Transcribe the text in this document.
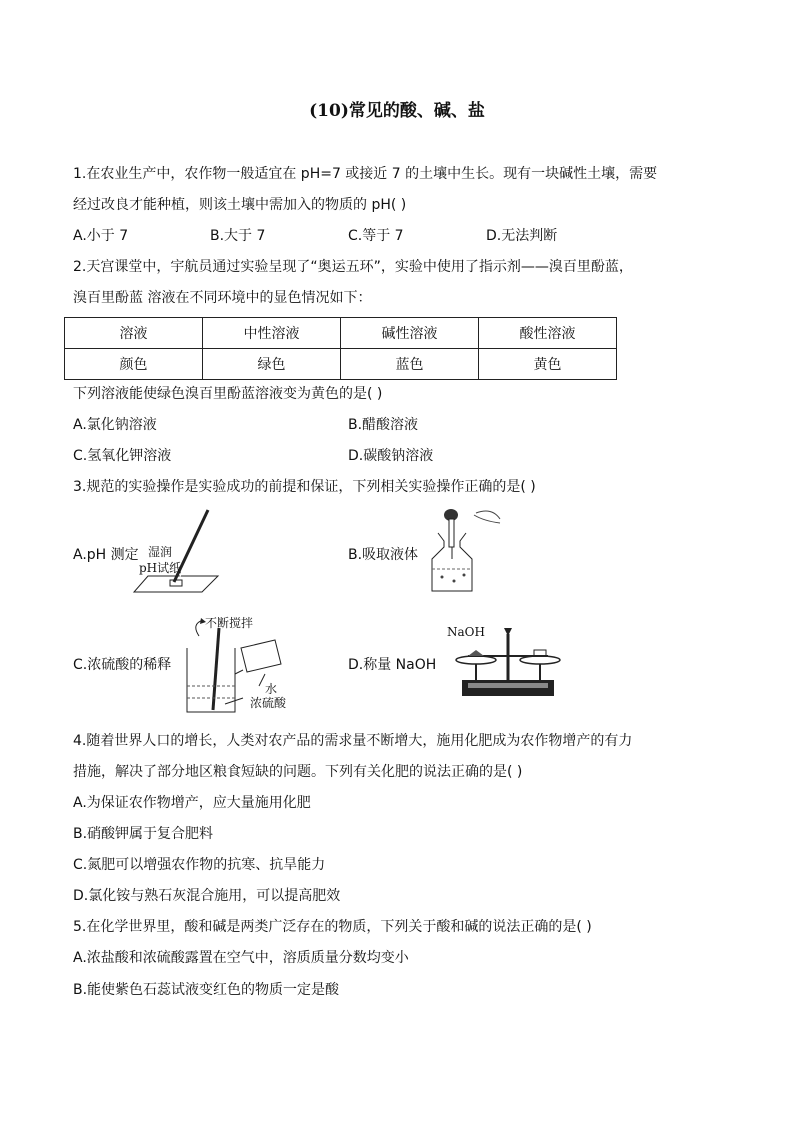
(10)常见的酸、碱、盐
1.在农业生产中，农作物一般适宜在 pH=7 或接近 7 的土壤中生长。现有一块碱性土壤，需要
经过改良才能种植，则该土壤中需加入的物质的 pH( )
A.小于 7	B.大于 7	C.等于 7	D.无法判断
2.天宫课堂中，宇航员通过实验呈现了“奥运五环”，实验中使用了指示剂——溴百里酚蓝，
溴百里酚蓝 溶液在不同环境中的显色情况如下：
溶液	中性溶液	碱性溶液	酸性溶液
颜色	绿色	蓝色	黄色
下列溶液能使绿色溴百里酚蓝溶液变为黄色的是( )
A.氯化钠溶液	B.醋酸溶液
C.氢氧化钾溶液	D.碳酸钠溶液
3.规范的实验操作是实验成功的前提和保证，下列相关实验操作正确的是( )
A.pH 测定 湿润
pH试纸
B.吸取液体
C.浓硫酸的稀释
不断搅拌
水
浓硫酸
D.称量 NaOH
NaOH
4.随着世界人口的增长，人类对农产品的需求量不断增大，施用化肥成为农作物增产的有力
措施，解决了部分地区粮食短缺的问题。下列有关化肥的说法正确的是( )
A.为保证农作物增产，应大量施用化肥
B.硝酸钾属于复合肥料
C.氮肥可以增强农作物的抗寒、抗旱能力
D.氯化铵与熟石灰混合施用，可以提高肥效
5.在化学世界里，酸和碱是两类广泛存在的物质，下列关于酸和碱的说法正确的是( )
A.浓盐酸和浓硫酸露置在空气中，溶质质量分数均变小
B.能使紫色石蕊试液变红色的物质一定是酸
